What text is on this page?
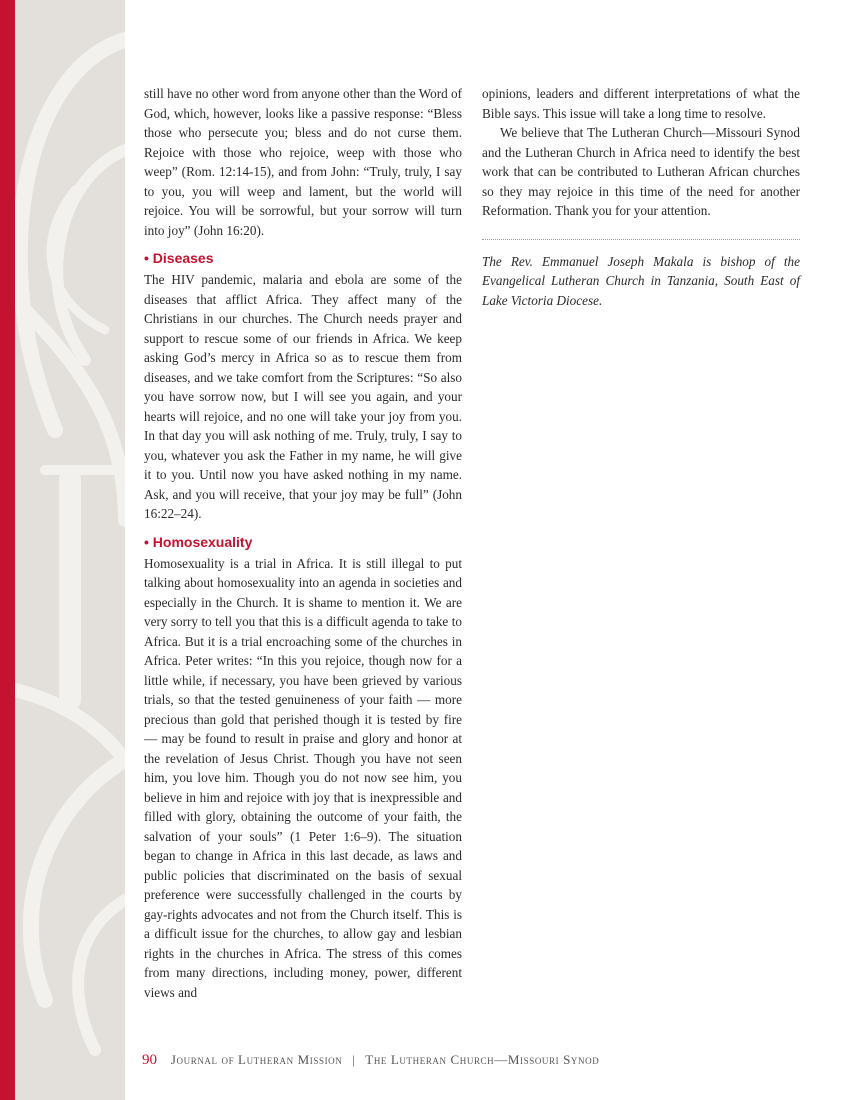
still have no other word from anyone other than the Word of God, which, however, looks like a passive response: “Bless those who persecute you; bless and do not curse them. Rejoice with those who rejoice, weep with those who weep” (Rom. 12:14-15), and from John: “Truly, truly, I say to you, you will weep and lament, but the world will rejoice. You will be sorrowful, but your sorrow will turn into joy” (John 16:20).

• Diseases

The HIV pandemic, malaria and ebola are some of the diseases that afflict Africa. They affect many of the Christians in our churches. The Church needs prayer and support to rescue some of our friends in Africa. We keep asking God’s mercy in Africa so as to rescue them from diseases, and we take comfort from the Scriptures: “So also you have sorrow now, but I will see you again, and your hearts will rejoice, and no one will take your joy from you. In that day you will ask nothing of me. Truly, truly, I say to you, whatever you ask the Father in my name, he will give it to you. Until now you have asked nothing in my name. Ask, and you will receive, that your joy may be full” (John 16:22–24).

• Homosexuality

Homosexuality is a trial in Africa. It is still illegal to put talking about homosexuality into an agenda in societies and especially in the Church. It is shame to mention it. We are very sorry to tell you that this is a difficult agenda to take to Africa. But it is a trial encroaching some of the churches in Africa. Peter writes: “In this you rejoice, though now for a little while, if necessary, you have been grieved by various trials, so that the tested genuineness of your faith — more precious than gold that perished though it is tested by fire — may be found to result in praise and glory and honor at the revelation of Jesus Christ. Though you have not seen him, you love him. Though you do not now see him, you believe in him and rejoice with joy that is inexpressible and filled with glory, obtaining the outcome of your faith, the salvation of your souls” (1 Peter 1:6–9). The situation began to change in Africa in this last decade, as laws and public policies that discriminated on the basis of sexual preference were successfully challenged in the courts by gay-rights advocates and not from the Church itself. This is a difficult issue for the churches, to allow gay and lesbian rights in the churches in Africa. The stress of this comes from many directions, including money, power, different views and

opinions, leaders and different interpretations of what the Bible says. This issue will take a long time to resolve.

We believe that The Lutheran Church—Missouri Synod and the Lutheran Church in Africa need to identify the best work that can be contributed to Lutheran African churches so they may rejoice in this time of the need for another Reformation. Thank you for your attention.

The Rev. Emmanuel Joseph Makala is bishop of the Evangelical Lutheran Church in Tanzania, South East of Lake Victoria Diocese.

90 Journal of Lutheran Mission | The Lutheran Church—Missouri Synod
